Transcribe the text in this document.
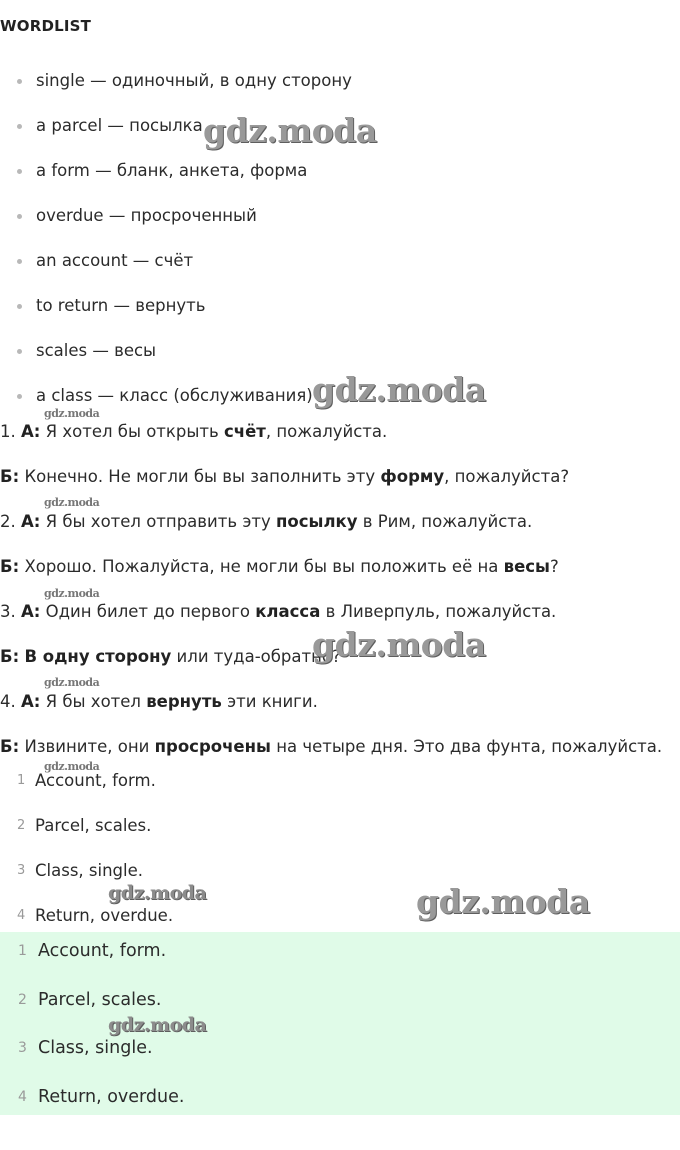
WORDLIST
single — одиночный, в одну сторону
a parcel — посылка
a form — бланк, анкета, форма
overdue — просроченный
an account — счёт
to return — вернуть
scales — весы
a class — класс (обслуживания)

1. А: Я хотел бы открыть счёт, пожалуйста.

Б: Конечно. Не могли бы вы заполнить эту форму, пожалуйста?

2. А: Я бы хотел отправить эту посылку в Рим, пожалуйста.

Б: Хорошо. Пожалуйста, не могли бы вы положить её на весы?

3. А: Один билет до первого класса в Ливерпуль, пожалуйста.

Б: В одну сторону или туда-обратно?

4. А: Я бы хотел вернуть эти книги.

Б: Извините, они просрочены на четыре дня. Это два фунта, пожалуйста.

1 Account, form.
2 Parcel, scales.
3 Class, single.
4 Return, overdue.
1 Account, form.
2 Parcel, scales.
3 Class, single.
4 Return, overdue.
gdz.moda
gdz.moda
gdz.moda
gdz.moda
gdz.moda
gdz.moda
gdz.moda
gdz.moda
gdz.moda	gdz.moda
gdz.moda
